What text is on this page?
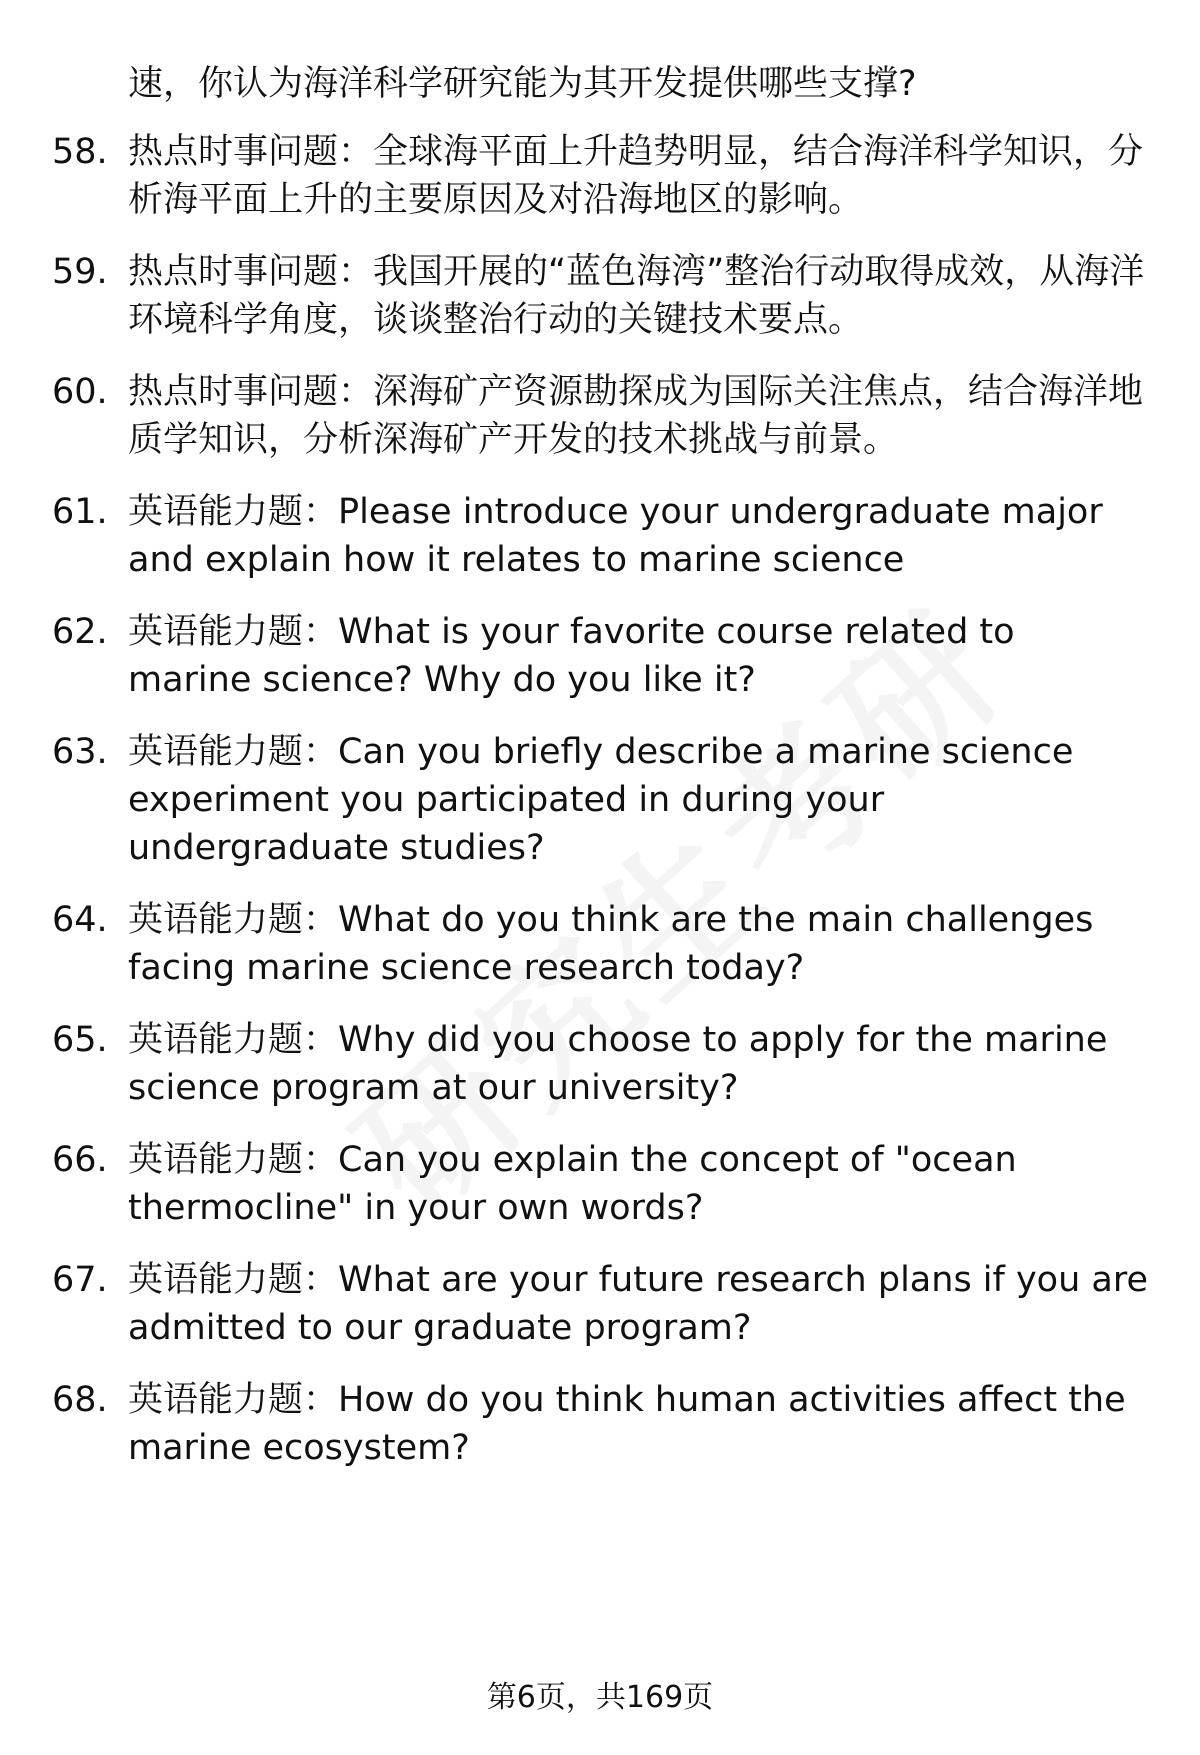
速，你认为海洋科学研究能为其开发提供哪些支撑?
58. 热点时事问题：全球海平面上升趋势明显，结合海洋科学知识，分析海平面上升的主要原因及对沿海地区的影响。
59. 热点时事问题：我国开展的“蓝色海湾”整治行动取得成效，从海洋环境科学角度，谈谈整治行动的关键技术要点。
60. 热点时事问题：深海矿产资源勘探成为国际关注焦点，结合海洋地质学知识，分析深海矿产开发的技术挑战与前景。
61. 英语能力题：Please introduce your undergraduate major and explain how it relates to marine science
62. 英语能力题：What is your favorite course related to marine science? Why do you like it?
63. 英语能力题：Can you briefly describe a marine science experiment you participated in during your undergraduate studies?
64. 英语能力题：What do you think are the main challenges facing marine science research today?
65. 英语能力题：Why did you choose to apply for the marine science program at our university?
66. 英语能力题：Can you explain the concept of "ocean thermocline" in your own words?
67. 英语能力题：What are your future research plans if you are admitted to our graduate program?
68. 英语能力题：How do you think human activities affect the marine ecosystem?
第6页，共169页
